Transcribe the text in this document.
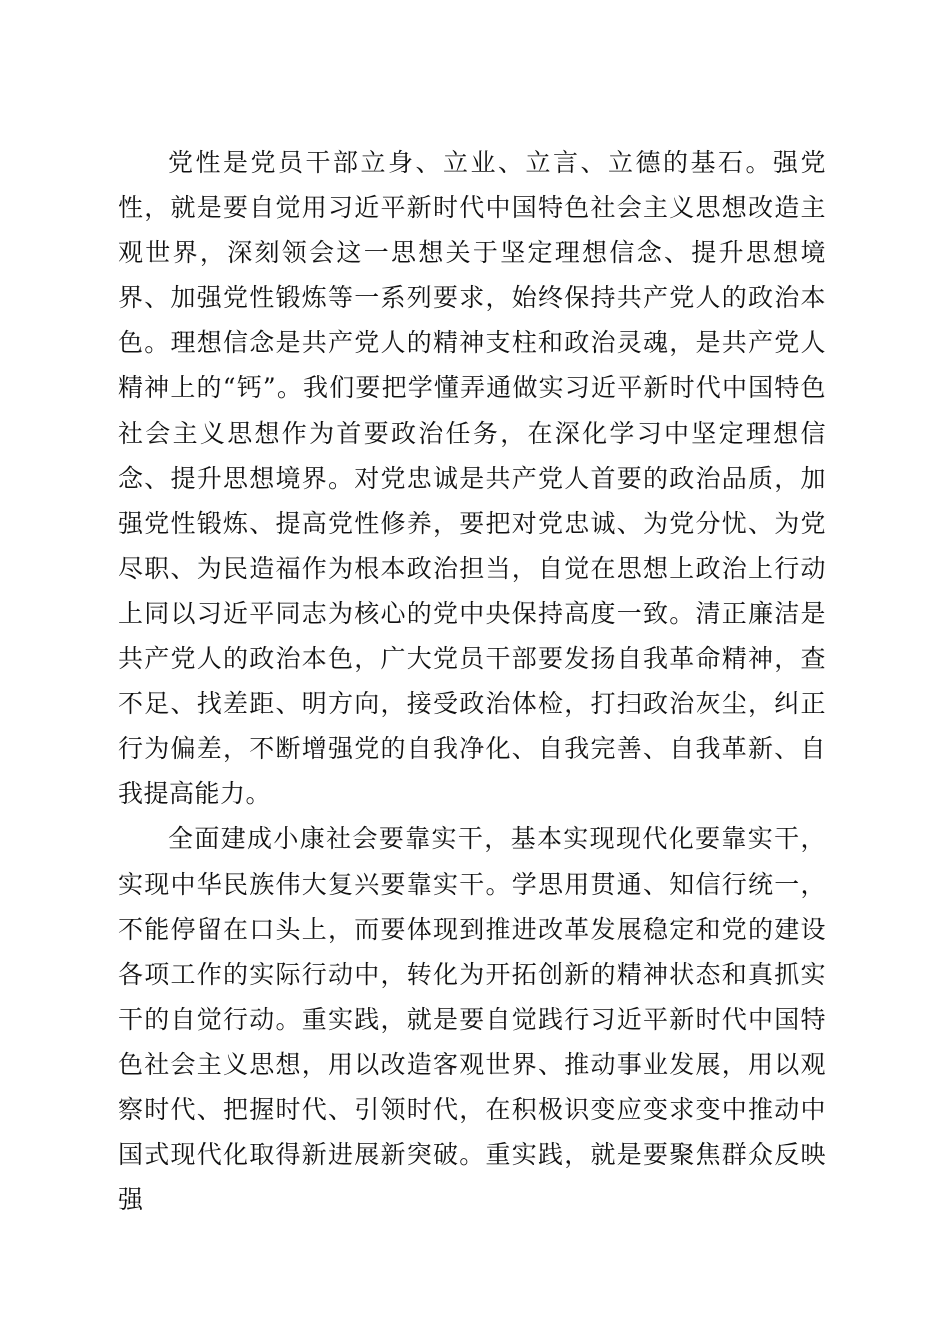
党性是党员干部立身、立业、立言、立德的基石。强党性，就是要自觉用习近平新时代中国特色社会主义思想改造主观世界，深刻领会这一思想关于坚定理想信念、提升思想境界、加强党性锻炼等一系列要求，始终保持共产党人的政治本色。理想信念是共产党人的精神支柱和政治灵魂，是共产党人精神上的“钙”。我们要把学懂弄通做实习近平新时代中国特色社会主义思想作为首要政治任务，在深化学习中坚定理想信念、提升思想境界。对党忠诚是共产党人首要的政治品质，加强党性锻炼、提高党性修养，要把对党忠诚、为党分忧、为党尽职、为民造福作为根本政治担当，自觉在思想上政治上行动上同以习近平同志为核心的党中央保持高度一致。清正廉洁是共产党人的政治本色，广大党员干部要发扬自我革命精神，查不足、找差距、明方向，接受政治体检，打扫政治灰尘，纠正行为偏差，不断增强党的自我净化、自我完善、自我革新、自我提高能力。

全面建成小康社会要靠实干，基本实现现代化要靠实干，实现中华民族伟大复兴要靠实干。学思用贯通、知信行统一，不能停留在口头上，而要体现到推进改革发展稳定和党的建设各项工作的实际行动中，转化为开拓创新的精神状态和真抓实干的自觉行动。重实践，就是要自觉践行习近平新时代中国特色社会主义思想，用以改造客观世界、推动事业发展，用以观察时代、把握时代、引领时代，在积极识变应变求变中推动中国式现代化取得新进展新突破。重实践，就是要聚焦群众反映强
